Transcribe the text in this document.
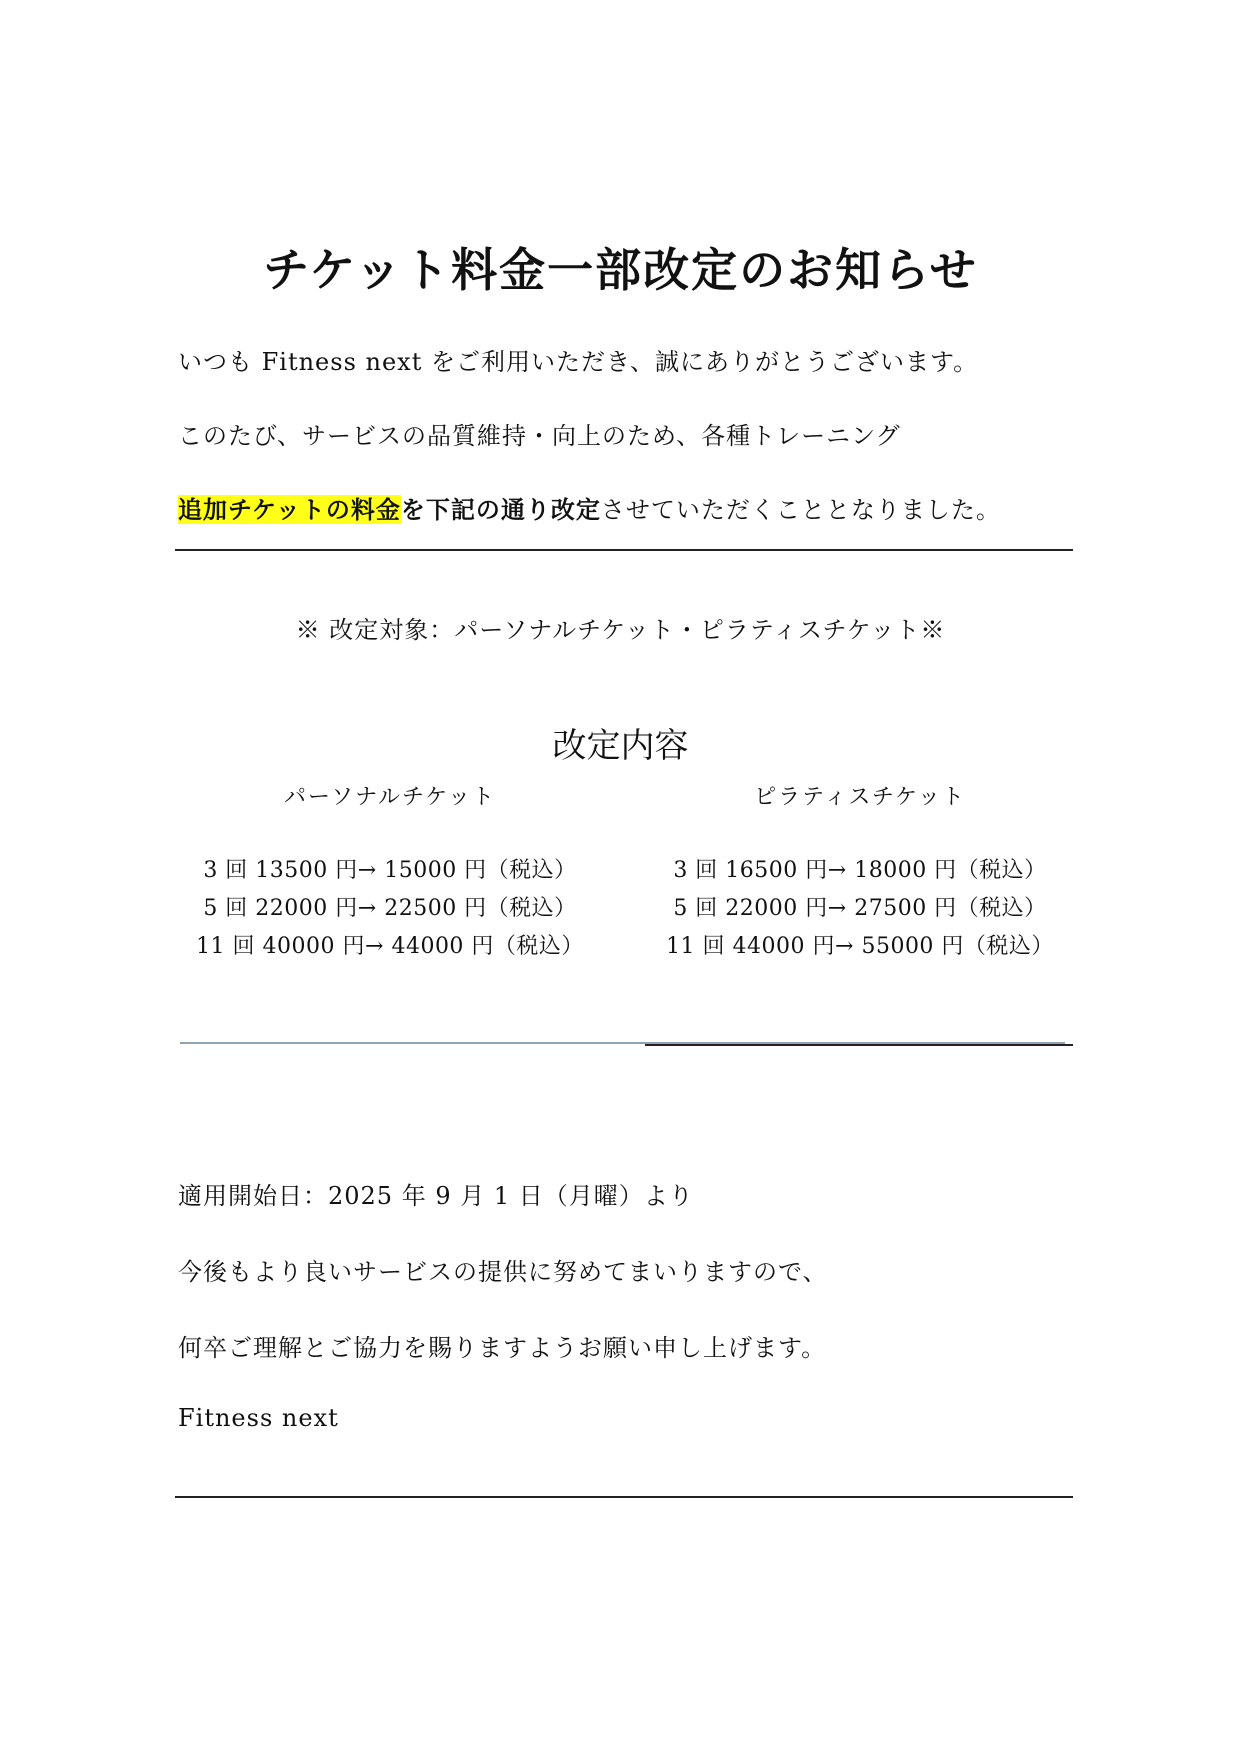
チケット料金一部改定のお知らせ
いつも Fitness next をご利用いただき、誠にありがとうございます。
このたび、サービスの品質維持・向上のため、各種トレーニング
追加チケットの料金を下記の通り改定させていただくこととなりました。
※ 改定対象：パーソナルチケット・ピラティスチケット※
改定内容
パーソナルチケット
3 回 13500 円→ 15000 円（税込）
5 回 22000 円→ 22500 円（税込）
11 回 40000 円→ 44000 円（税込）
ピラティスチケット
3 回 16500 円→ 18000 円（税込）
5 回 22000 円→ 27500 円（税込）
11 回 44000 円→ 55000 円（税込）
適用開始日：2025 年 9 月 1 日（月曜）より
今後もより良いサービスの提供に努めてまいりますので、
何卒ご理解とご協力を賜りますようお願い申し上げます。
Fitness next
